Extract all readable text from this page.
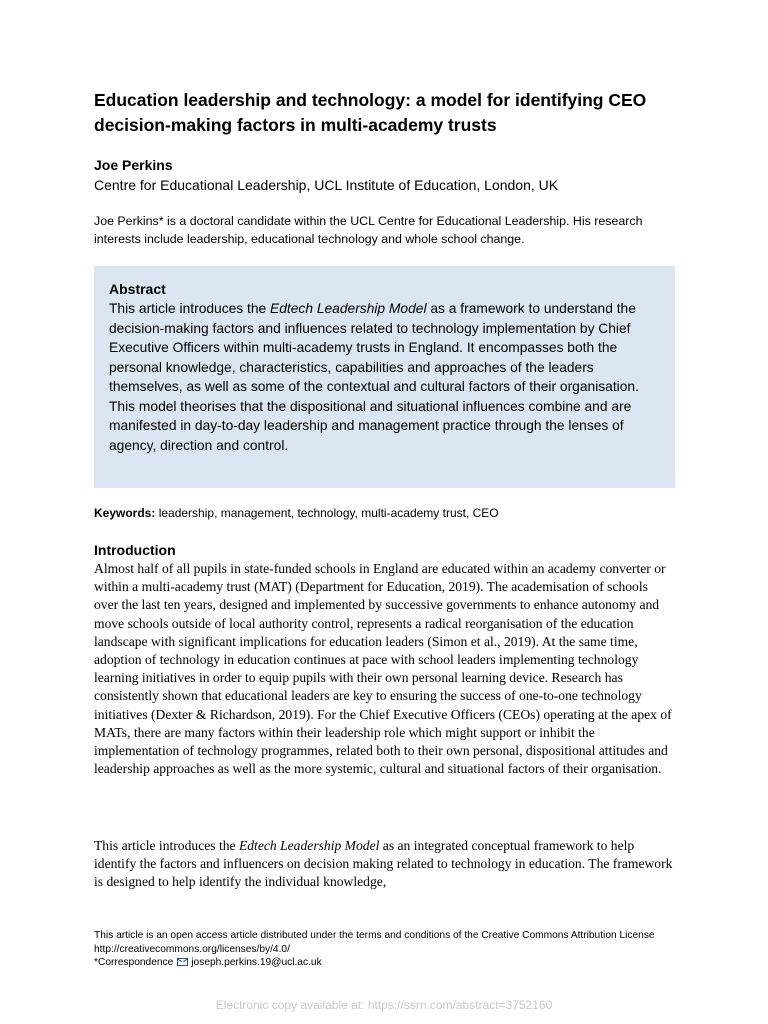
Education leadership and technology: a model for identifying CEO decision-making factors in multi-academy trusts
Joe Perkins
Centre for Educational Leadership, UCL Institute of Education, London, UK
Joe Perkins* is a doctoral candidate within the UCL Centre for Educational Leadership. His research interests include leadership, educational technology and whole school change.
Abstract
This article introduces the Edtech Leadership Model as a framework to understand the decision-making factors and influences related to technology implementation by Chief Executive Officers within multi-academy trusts in England. It encompasses both the personal knowledge, characteristics, capabilities and approaches of the leaders themselves, as well as some of the contextual and cultural factors of their organisation. This model theorises that the dispositional and situational influences combine and are manifested in day-to-day leadership and management practice through the lenses of agency, direction and control.
Keywords: leadership, management, technology, multi-academy trust, CEO
Introduction
Almost half of all pupils in state-funded schools in England are educated within an academy converter or within a multi-academy trust (MAT) (Department for Education, 2019). The academisation of schools over the last ten years, designed and implemented by successive governments to enhance autonomy and move schools outside of local authority control, represents a radical reorganisation of the education landscape with significant implications for education leaders (Simon et al., 2019). At the same time, adoption of technology in education continues at pace with school leaders implementing technology learning initiatives in order to equip pupils with their own personal learning device. Research has consistently shown that educational leaders are key to ensuring the success of one-to-one technology initiatives (Dexter & Richardson, 2019). For the Chief Executive Officers (CEOs) operating at the apex of MATs, there are many factors within their leadership role which might support or inhibit the implementation of technology programmes, related both to their own personal, dispositional attitudes and leadership approaches as well as the more systemic, cultural and situational factors of their organisation.
This article introduces the Edtech Leadership Model as an integrated conceptual framework to help identify the factors and influencers on decision making related to technology in education. The framework is designed to help identify the individual knowledge,
This article is an open access article distributed under the terms and conditions of the Creative Commons Attribution License http://creativecommons.org/licenses/by/4.0/
*Correspondence joseph.perkins.19@ucl.ac.uk
Electronic copy available at: https://ssrn.com/abstract=3752160
